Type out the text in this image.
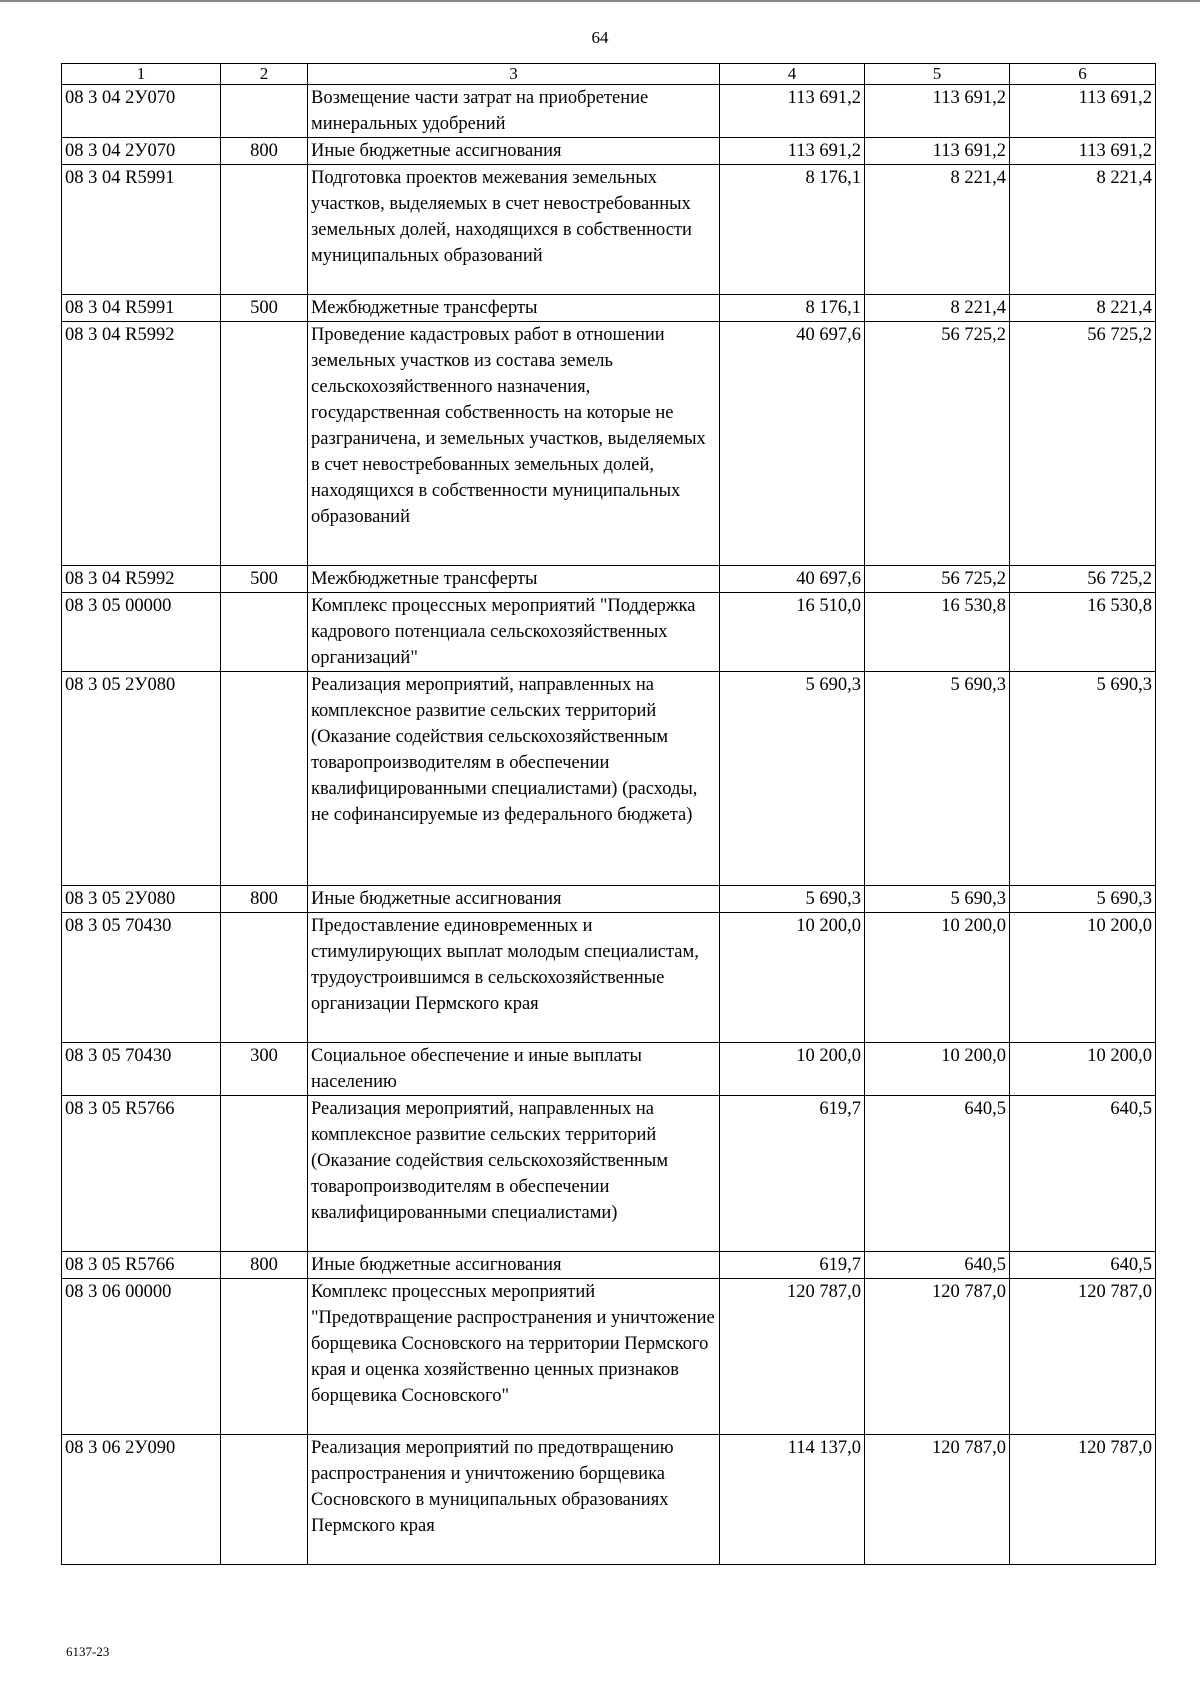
64
1	2	3	4	5	6
08 3 04 2У070		Возмещение части затрат на приобретение минеральных удобрений	113 691,2	113 691,2	113 691,2
08 3 04 2У070	800	Иные бюджетные ассигнования	113 691,2	113 691,2	113 691,2
08 3 04 R5991		Подготовка проектов межевания земельных участков, выделяемых в счет невостребованных земельных долей, находящихся в собственности муниципальных образований	8 176,1	8 221,4	8 221,4
08 3 04 R5991	500	Межбюджетные трансферты	8 176,1	8 221,4	8 221,4
08 3 04 R5992		Проведение кадастровых работ в отношении земельных участков из состава земель сельскохозяйственного назначения, государственная собственность на которые не разграничена, и земельных участков, выделяемых в счет невостребованных земельных долей, находящихся в собственности муниципальных образований	40 697,6	56 725,2	56 725,2
08 3 04 R5992	500	Межбюджетные трансферты	40 697,6	56 725,2	56 725,2
08 3 05 00000		Комплекс процессных мероприятий "Поддержка кадрового потенциала сельскохозяйственных организаций"	16 510,0	16 530,8	16 530,8
08 3 05 2У080		Реализация мероприятий, направленных на комплексное развитие сельских территорий (Оказание содействия сельскохозяйственным товаропроизводителям в обеспечении квалифицированными специалистами) (расходы, не софинансируемые из федерального бюджета)	5 690,3	5 690,3	5 690,3
08 3 05 2У080	800	Иные бюджетные ассигнования	5 690,3	5 690,3	5 690,3
08 3 05 70430		Предоставление единовременных и стимулирующих выплат молодым специалистам, трудоустроившимся в сельскохозяйственные организации Пермского края	10 200,0	10 200,0	10 200,0
08 3 05 70430	300	Социальное обеспечение и иные выплаты населению	10 200,0	10 200,0	10 200,0
08 3 05 R5766		Реализация мероприятий, направленных на комплексное развитие сельских территорий (Оказание содействия сельскохозяйственным товаропроизводителям в обеспечении квалифицированными специалистами)	619,7	640,5	640,5
08 3 05 R5766	800	Иные бюджетные ассигнования	619,7	640,5	640,5
08 3 06 00000		Комплекс процессных мероприятий "Предотвращение распространения и уничтожение борщевика Сосновского на территории Пермского края и оценка хозяйственно ценных признаков борщевика Сосновского"	120 787,0	120 787,0	120 787,0
08 3 06 2У090		Реализация мероприятий по предотвращению распространения и уничтожению борщевика Сосновского в муниципальных образованиях Пермского края	114 137,0	120 787,0	120 787,0
6137-23
